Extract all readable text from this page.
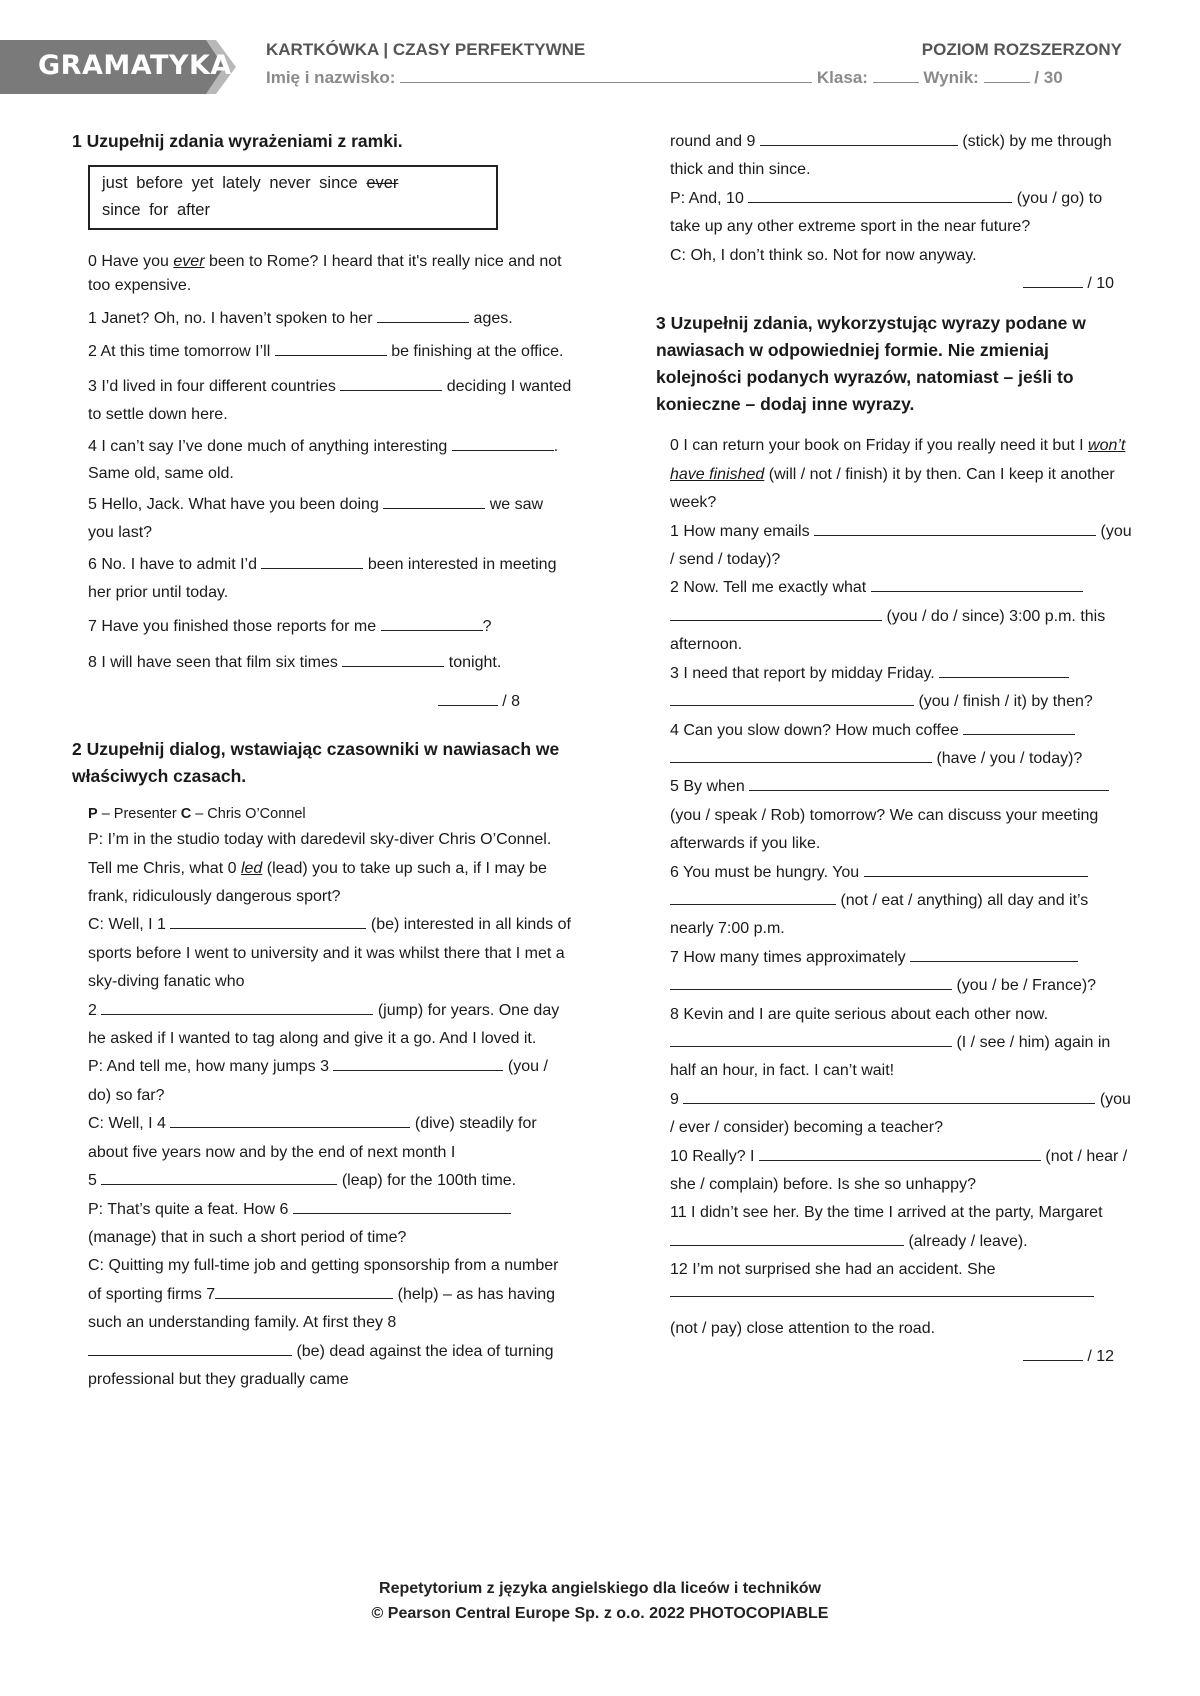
GRAMATYKA
KARTKÓWKA | CZASY PERFEKTYWNE	POZIOM ROZSZERZONY
Imię i nazwisko:	Klasa:	Wynik:	/ 30
1 Uzupełnij zdania wyrażeniami z ramki.
just before yet lately never since ever
since for after
0 Have you ever been to Rome? I heard that it's really nice and not too expensive.
1 Janet? Oh, no. I haven’t spoken to her	ages.
2 At this time tomorrow I’ll	be finishing at the office.
3 I’d lived in four different countries	deciding I wanted to settle down here.
4 I can’t say I’ve done much of anything interesting	. Same old, same old.
5 Hello, Jack. What have you been doing	we saw you last?
6 No. I have to admit I’d	been interested in meeting her prior until today.
7 Have you finished those reports for me	?
8 I will have seen that film six times	tonight.
/ 8
2 Uzupełnij dialog, wstawiając czasowniki w nawiasach we właściwych czasach.
P – Presenter C – Chris O’Connel
P: I’m in the studio today with daredevil sky-diver Chris O’Connel. Tell me Chris, what 0 led (lead) you to take up such a, if I may be frank, ridiculously dangerous sport?
C: Well, I 1	(be) interested in all kinds of sports before I went to university and it was whilst there that I met a sky-diving fanatic who
2	(jump) for years. One day he asked if I wanted to tag along and give it a go. And I loved it.
P: And tell me, how many jumps 3	(you / do) so far?
C: Well, I 4	(dive) steadily for about five years now and by the end of next month I
5	(leap) for the 100th time.
P: That’s quite a feat. How 6  (manage) that in such a short period of time?
C: Quitting my full-time job and getting sponsorship from a number of sporting firms 7	(help) – as has having such an understanding family. At first they 8  (be) dead against the idea of turning professional but they gradually came
round and 9	(stick) by me through thick and thin since.
P: And, 10	(you / go) to take up any other extreme sport in the near future?
C: Oh, I don’t think so. Not for now anyway.
/ 10
3 Uzupełnij zdania, wykorzystując wyrazy podane w nawiasach w odpowiedniej formie. Nie zmieniaj kolejności podanych wyrazów, natomiast – jeśli to konieczne – dodaj inne wyrazy.
0 I can return your book on Friday if you really need it but I won’t have finished (will / not / finish) it by then. Can I keep it another week?
1 How many emails	(you / send / today)?
2 Now. Tell me exactly what   (you / do / since) 3:00 p.m. this afternoon.
3 I need that report by midday Friday.   (you / finish / it) by then?
4 Can you slow down? How much coffee   (have / you / today)?
5 By when  (you / speak / Rob) tomorrow? We can discuss your meeting afterwards if you like.
6 You must be hungry. You   (not / eat / anything) all day and it’s nearly 7:00 p.m.
7 How many times approximately   (you / be / France)?
8 Kevin and I are quite serious about each other now.  (I / see / him) again in half an hour, in fact. I can’t wait!
9	(you / ever / consider) becoming a teacher?
10 Really? I	(not / hear / she / complain) before. Is she so unhappy?
11 I didn’t see her. By the time I arrived at the party, Margaret  (already / leave).
12 I’m not surprised she had an accident. She

(not / pay) close attention to the road.
/ 12
Repetytorium z języka angielskiego dla liceów i techników
© Pearson Central Europe Sp. z o.o. 2022 PHOTOCOPIABLE
